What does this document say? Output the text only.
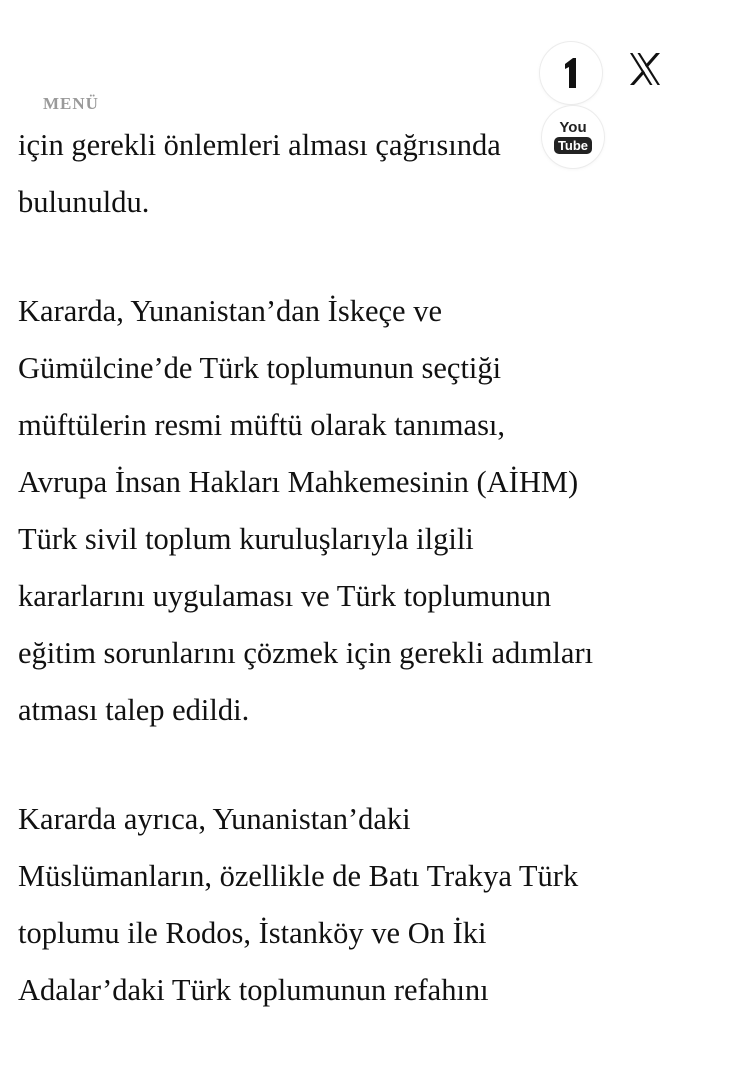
için gerekli önlemleri alması çağrısında
bulunuldu.

Kararda, Yunanistan’dan İskeçe ve
Gümülcine’de Türk toplumunun seçtiği
müftülerin resmi müftü olarak tanıması,
Avrupa İnsan Hakları Mahkemesinin (AİHM)
Türk sivil toplum kuruluşlarıyla ilgili
kararlarını uygulaması ve Türk toplumunun
eğitim sorunlarını çözmek için gerekli adımları
atması talep edildi.

Kararda ayrıca, Yunanistan’daki
Müslümanların, özellikle de Batı Trakya Türk
toplumu ile Rodos, İstanköy ve On İki
Adalar’daki Türk toplumunun refahını

MENÜ
You
Tube
